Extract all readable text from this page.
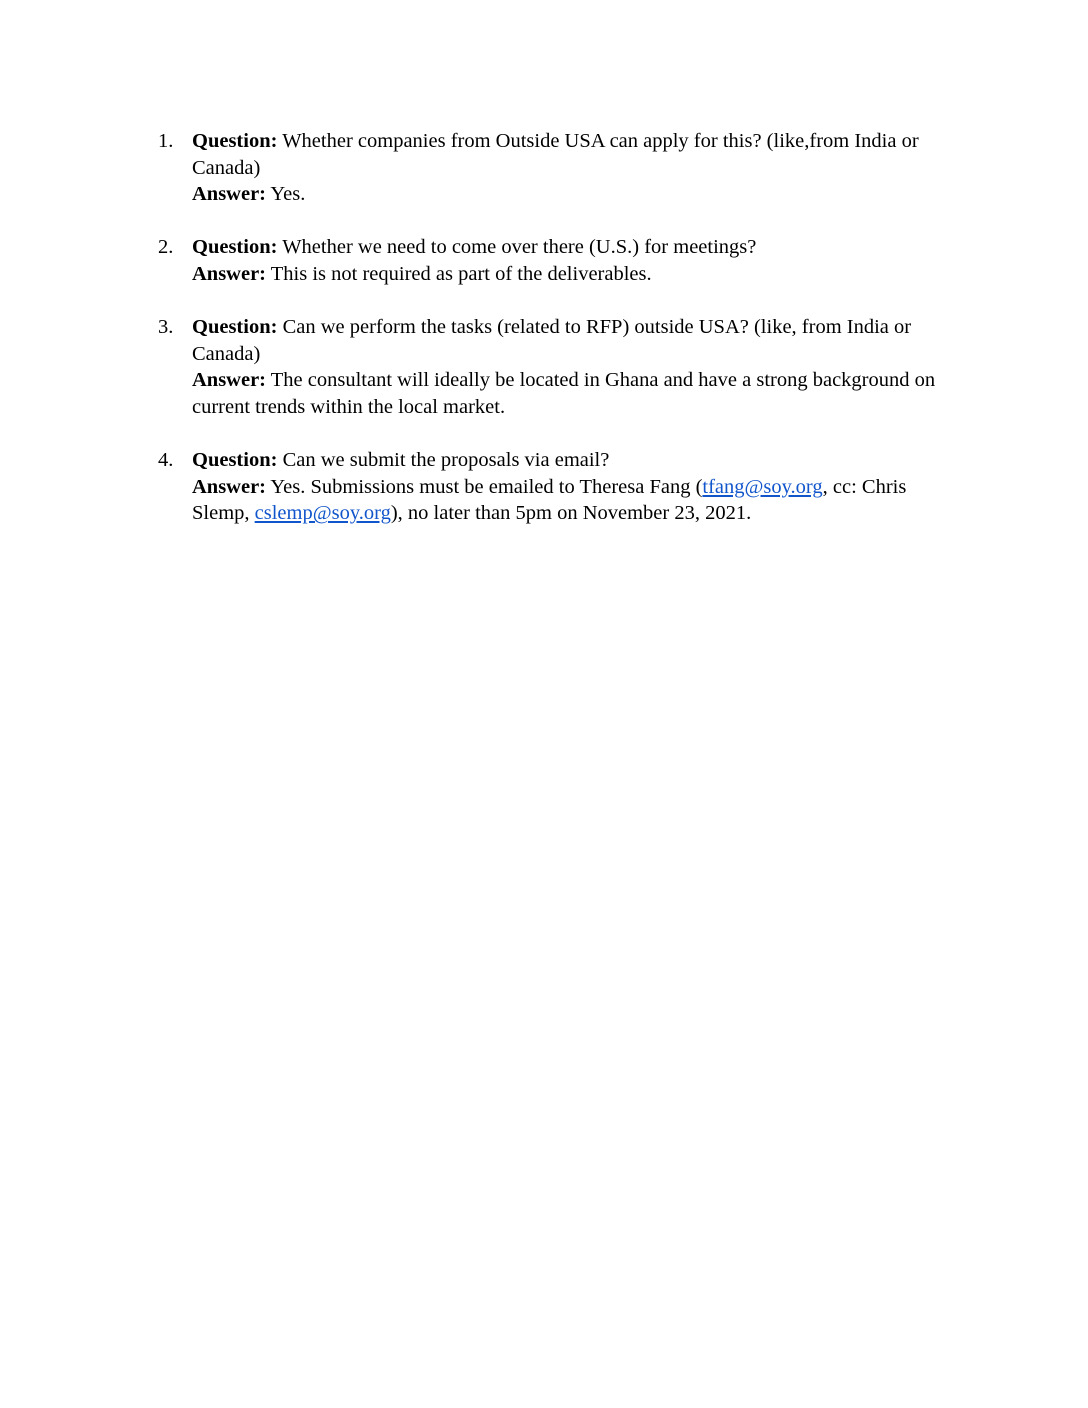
1. Question: Whether companies from Outside USA can apply for this? (like,from India or Canada)
Answer: Yes.
2. Question: Whether we need to come over there (U.S.) for meetings?
Answer: This is not required as part of the deliverables.
3. Question: Can we perform the tasks (related to RFP) outside USA? (like, from India or Canada)
Answer: The consultant will ideally be located in Ghana and have a strong background on current trends within the local market.
4. Question: Can we submit the proposals via email?
Answer: Yes. Submissions must be emailed to Theresa Fang (tfang@soy.org, cc: Chris Slemp, cslemp@soy.org), no later than 5pm on November 23, 2021.
